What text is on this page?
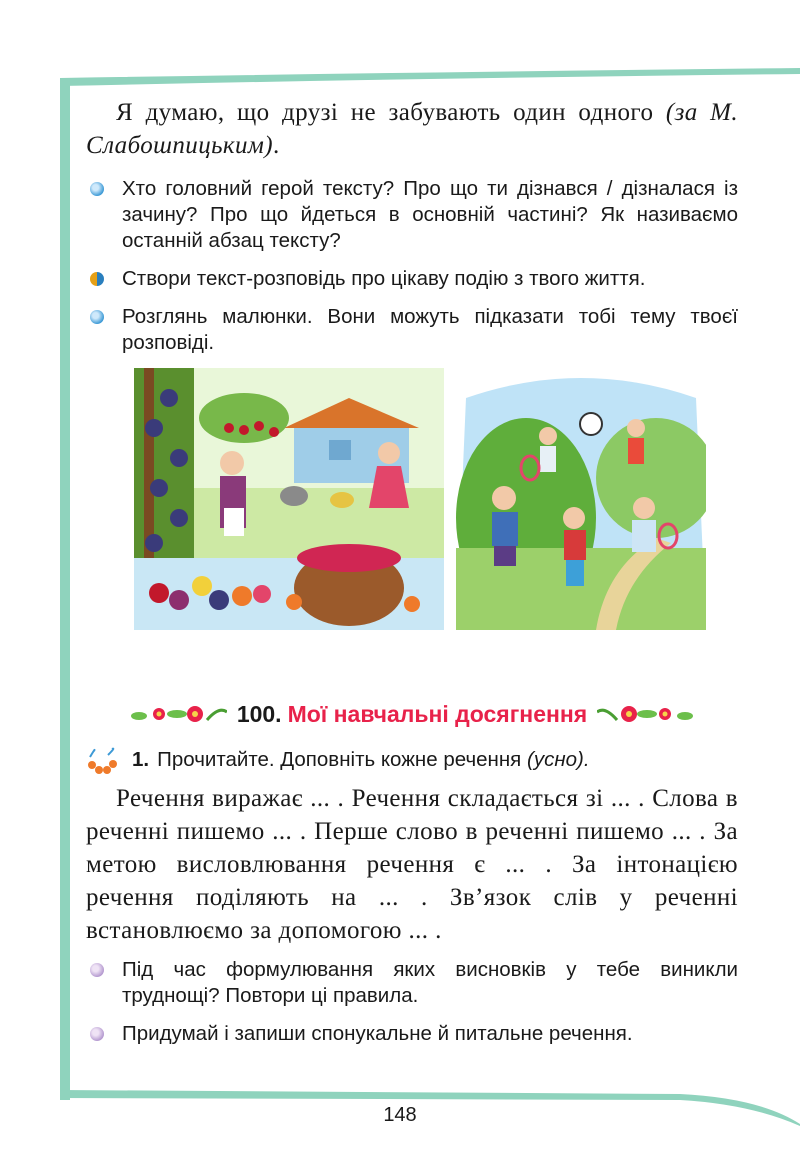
Я думаю, що друзі не забувають один одного (за М. Слабошпицьким).
Хто головний герой тексту? Про що ти дізнався / дізналася із зачину? Про що йдеться в основній частині? Як називаємо останній абзац тексту?
Створи текст-розповідь про цікаву подію з твого життя.
Розглянь малюнки. Вони можуть підказати тобі тему твоєї розповіді.
100. Мої навчальні досягнення
1. Прочитайте. Доповніть кожне речення
(усно).
Речення виражає ... . Речення складається зі ... . Слова в реченні пишемо ... . Перше слово в реченні пишемо ... . За метою висловлювання речення є ... . За інтонацією речення поділяють на ... . Зв’язок слів у реченні встановлюємо за допомогою ... .
Під час формулювання яких висновків у тебе виникли труднощі? Повтори ці правила.
Придумай і запиши спонукальне й питальне речення.
148
